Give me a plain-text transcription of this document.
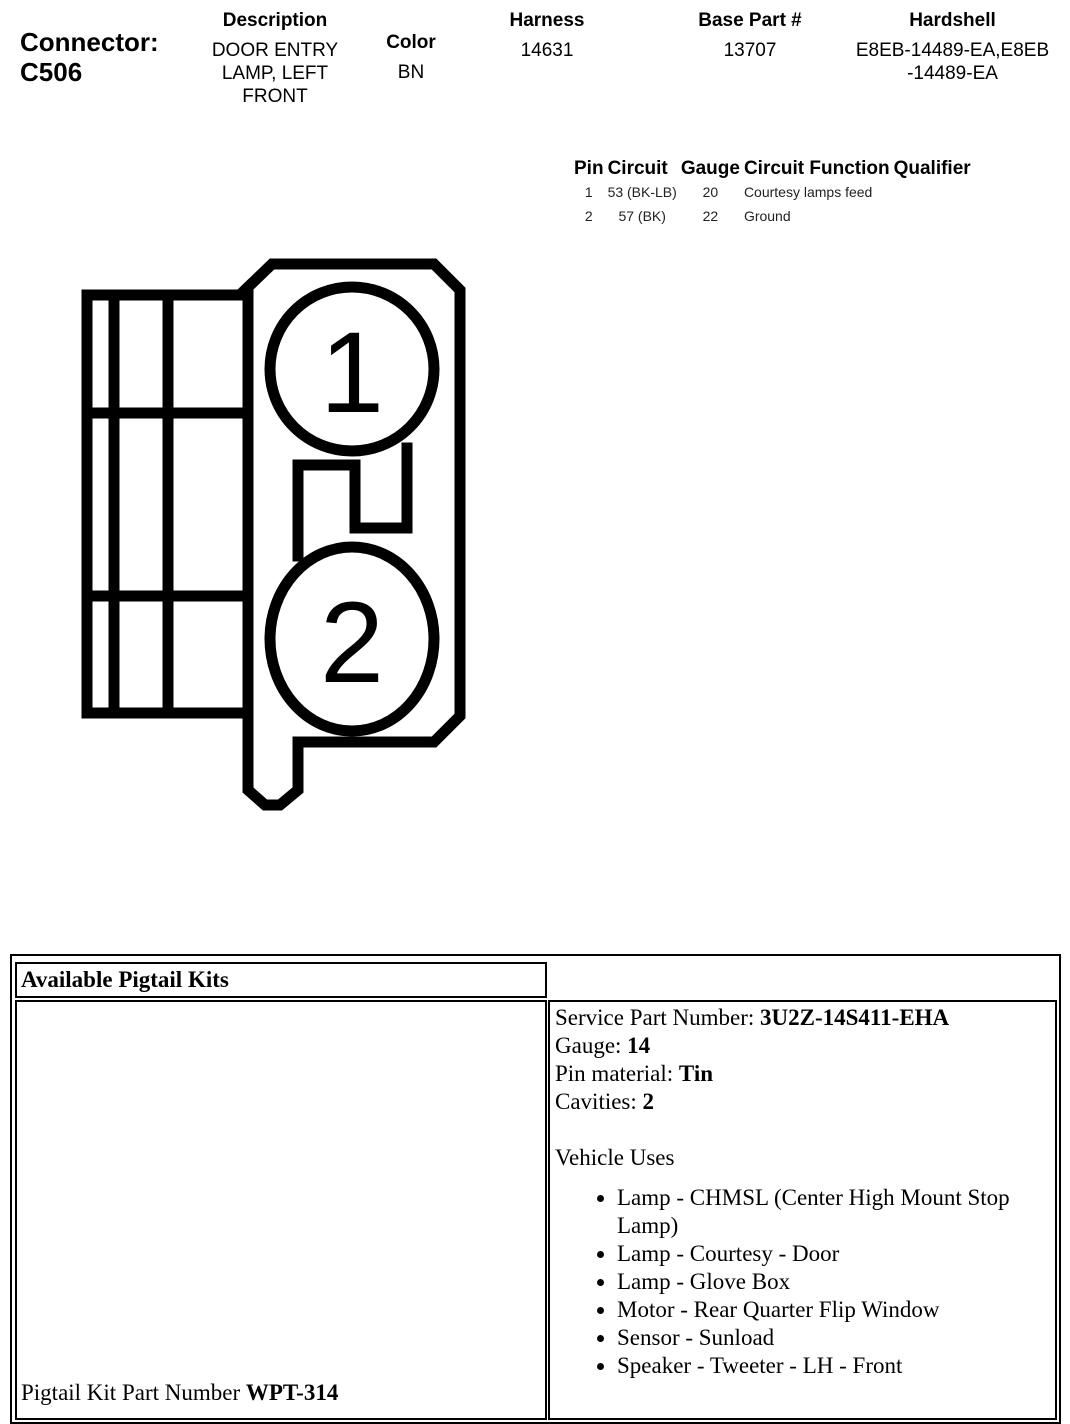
Connector:
C506
Description
DOOR ENTRY LAMP, LEFT FRONT
Color
BN
Harness
14631
Base Part #
13707
Hardshell
E8EB-14489-EA,E8EB-14489-EA
Pin	Circuit	Gauge	Circuit Function	Qualifier
1	53 (BK-LB)	20	Courtesy lamps feed	
2	57 (BK)	22	Ground	
1
2
Available Pigtail Kits
Pigtail Kit Part Number WPT-314
Service Part Number: 3U2Z-14S411-EHA
Gauge: 14
Pin material: Tin
Cavities: 2
Vehicle Uses
• Lamp - CHMSL (Center High Mount Stop Lamp)
• Lamp - Courtesy - Door
• Lamp - Glove Box
• Motor - Rear Quarter Flip Window
• Sensor - Sunload
• Speaker - Tweeter - LH - Front
